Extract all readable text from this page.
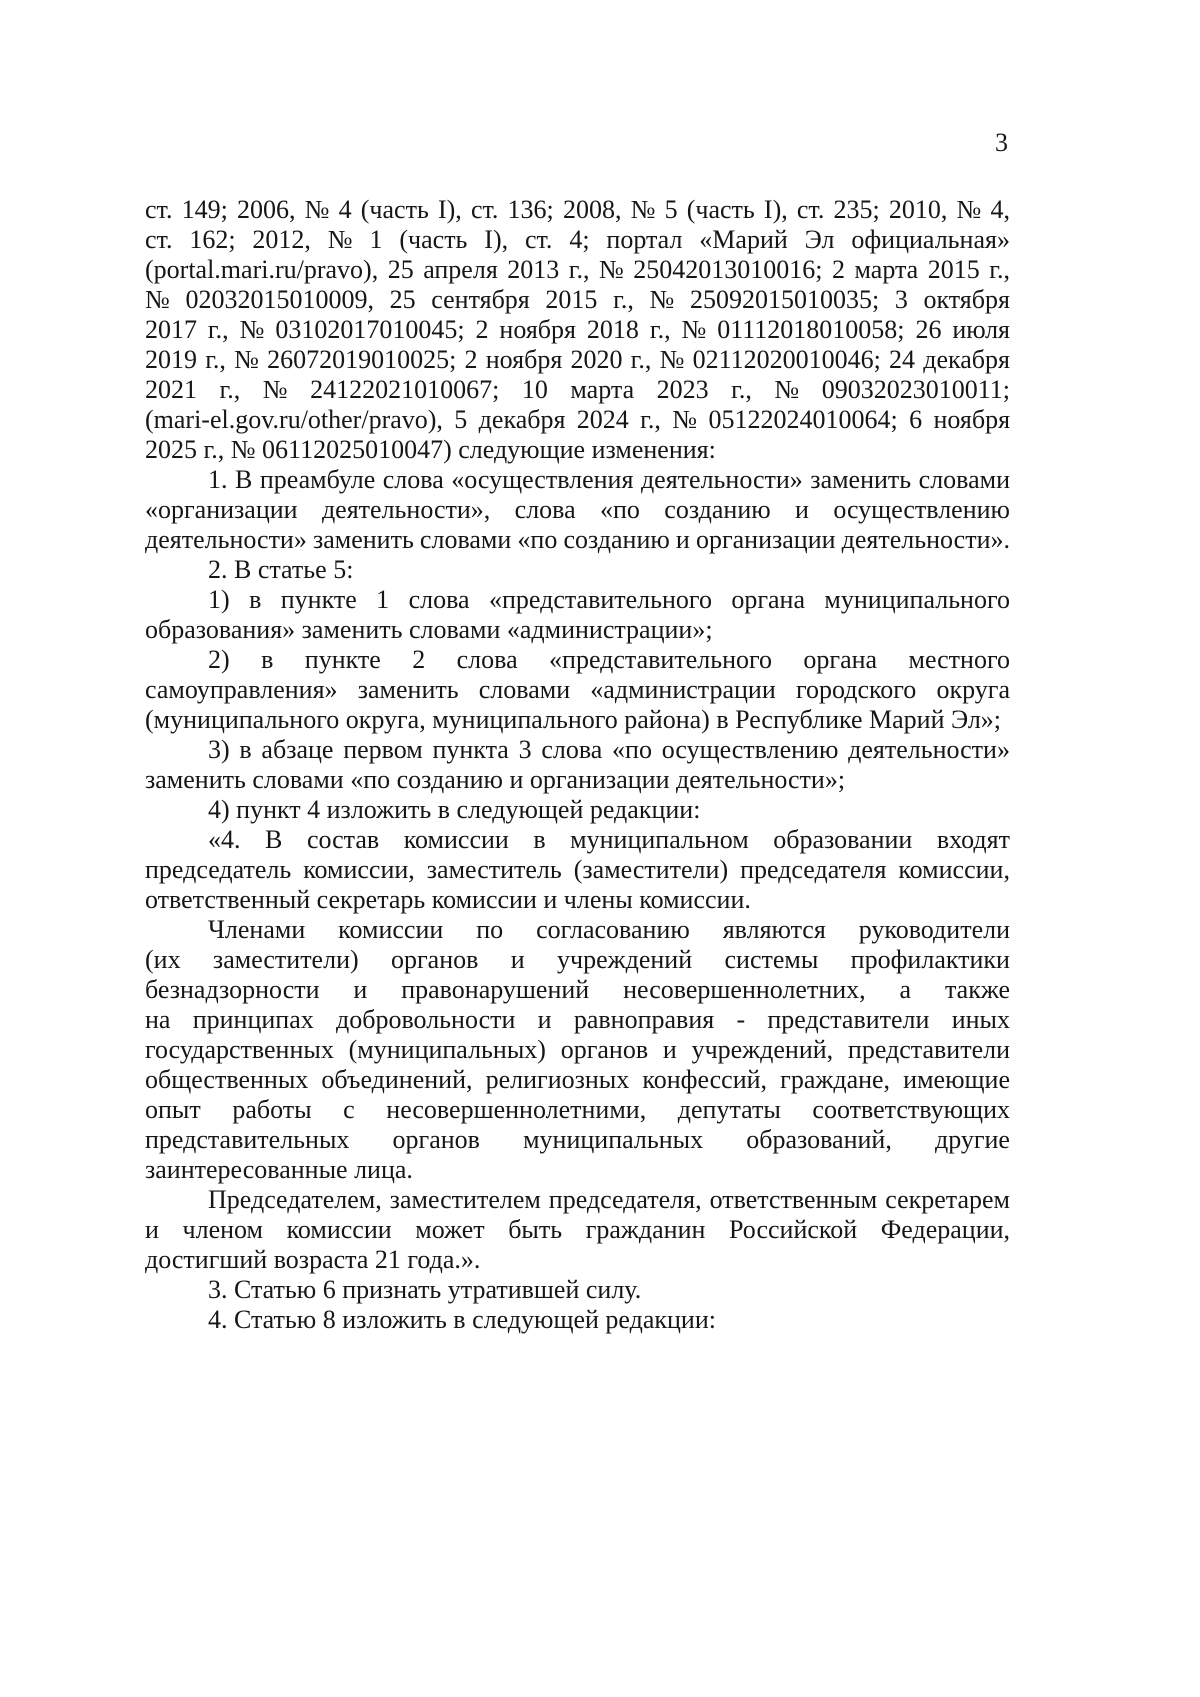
3
ст. 149; 2006, № 4 (часть I), ст. 136; 2008, № 5 (часть I), ст. 235; 2010, № 4,
ст. 162; 2012, № 1 (часть I), ст. 4; портал «Марий Эл официальная»
(portal.mari.ru/pravo), 25 апреля 2013 г., № 25042013010016; 2 марта 2015 г.,
№ 02032015010009, 25 сентября 2015 г., № 25092015010035; 3 октября
2017 г., № 03102017010045; 2 ноября 2018 г., № 01112018010058; 26 июля
2019 г., № 26072019010025; 2 ноября 2020 г., № 02112020010046; 24 декабря
2021 г., № 24122021010067; 10 марта 2023 г., № 09032023010011;
(mari-el.gov.ru/other/pravo), 5 декабря 2024 г., № 05122024010064; 6 ноября
2025 г., № 06112025010047) следующие изменения:
1. В преамбуле слова «осуществления деятельности» заменить словами
«организации деятельности», слова «по созданию и осуществлению
деятельности» заменить словами «по созданию и организации деятельности».
2. В статье 5:
1) в пункте 1 слова «представительного органа муниципального
образования» заменить словами «администрации»;
2) в пункте 2 слова «представительного органа местного
самоуправления» заменить словами «администрации городского округа
(муниципального округа, муниципального района) в Республике Марий Эл»;
3) в абзаце первом пункта 3 слова «по осуществлению деятельности»
заменить словами «по созданию и организации деятельности»;
4) пункт 4 изложить в следующей редакции:
«4. В состав комиссии в муниципальном образовании входят
председатель комиссии, заместитель (заместители) председателя комиссии,
ответственный секретарь комиссии и члены комиссии.
Членами комиссии по согласованию являются руководители
(их заместители) органов и учреждений системы профилактики
безнадзорности и правонарушений несовершеннолетних, а также
на принципах добровольности и равноправия - представители иных
государственных (муниципальных) органов и учреждений, представители
общественных объединений, религиозных конфессий, граждане, имеющие
опыт работы с несовершеннолетними, депутаты соответствующих
представительных органов муниципальных образований, другие
заинтересованные лица.
Председателем, заместителем председателя, ответственным секретарем
и членом комиссии может быть гражданин Российской Федерации,
достигший возраста 21 года.».
3. Статью 6 признать утратившей силу.
4. Статью 8 изложить в следующей редакции:
